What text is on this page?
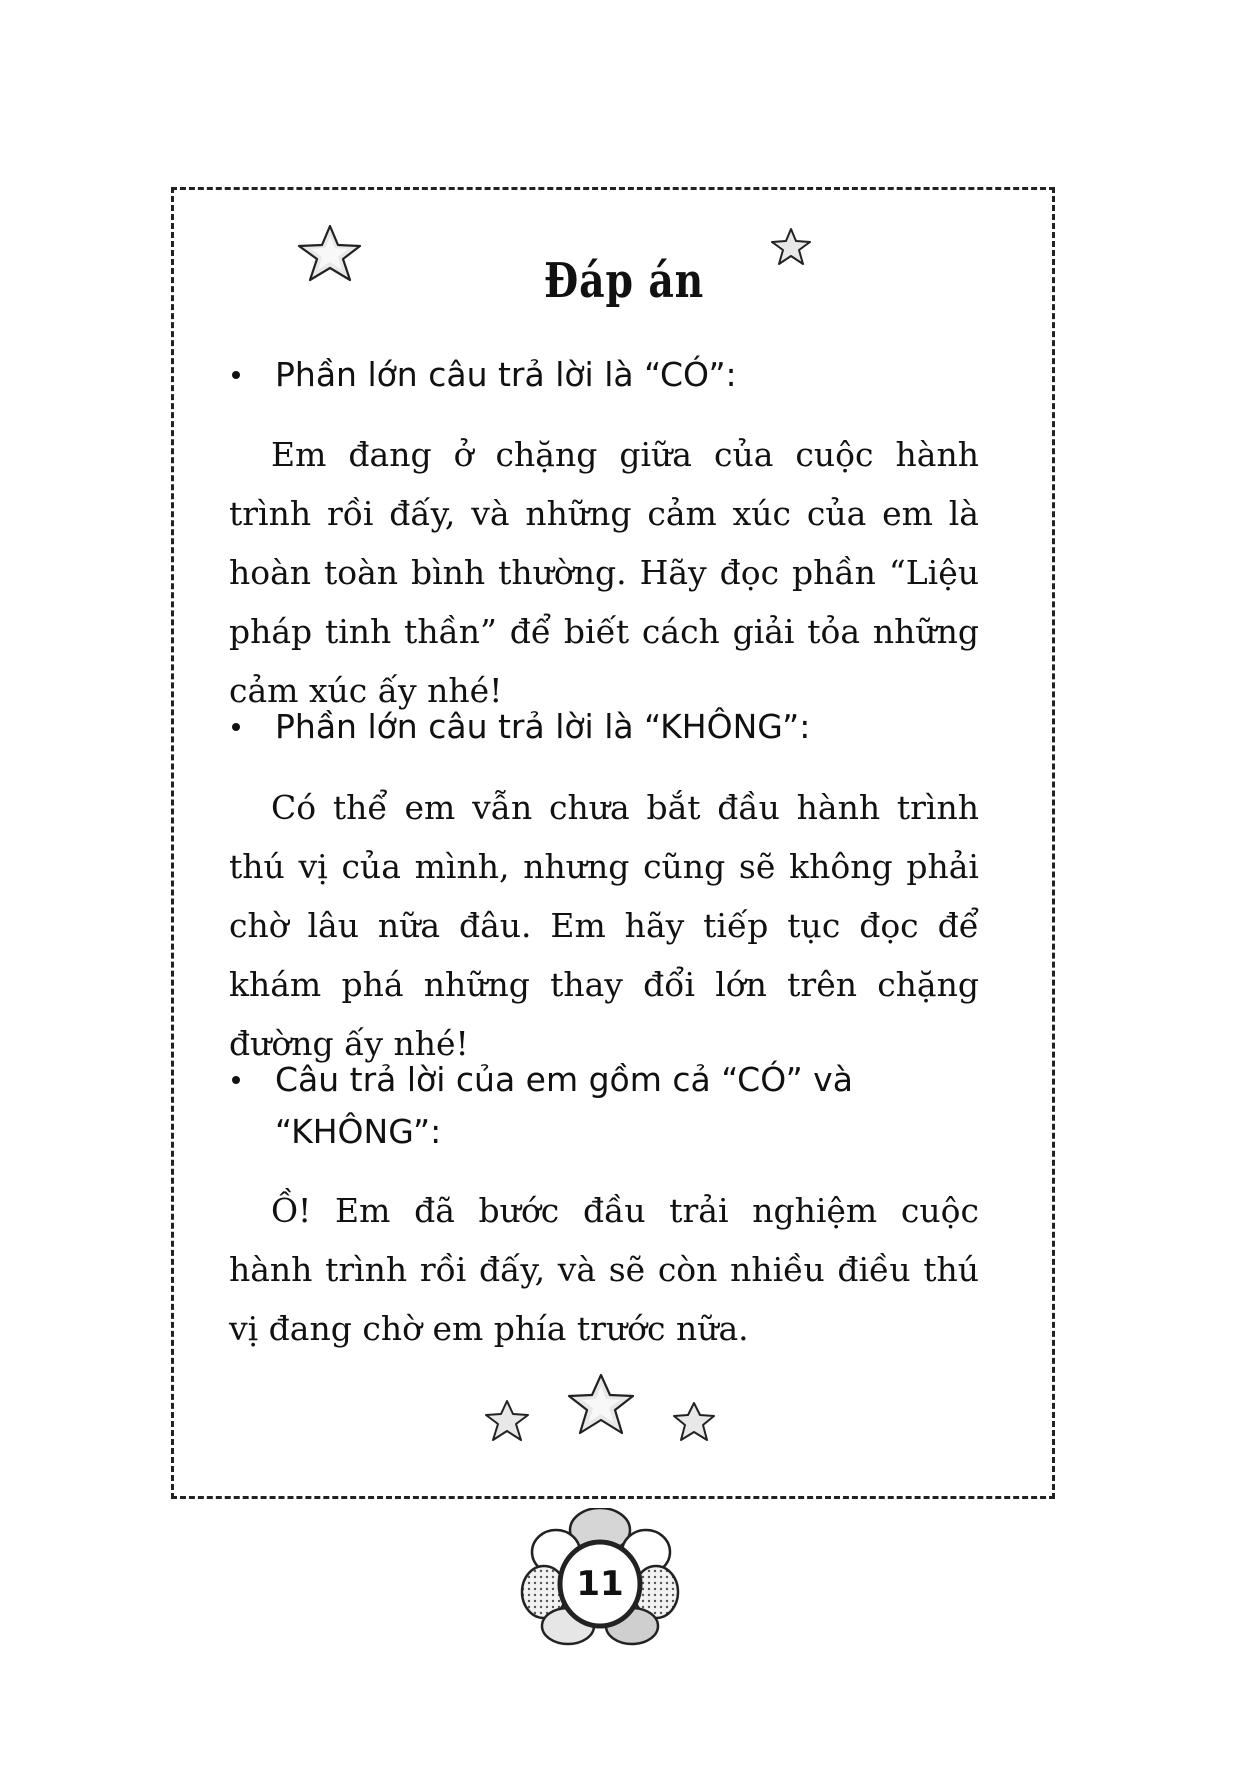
Đáp án
Phần lớn câu trả lời là “CÓ”:

Em đang ở chặng giữa của cuộc hành trình rồi đấy, và những cảm xúc của em là hoàn toàn bình thường. Hãy đọc phần “Liệu pháp tinh thần” để biết cách giải tỏa những cảm xúc ấy nhé!

Phần lớn câu trả lời là “KHÔNG”:

Có thể em vẫn chưa bắt đầu hành trình thú vị của mình, nhưng cũng sẽ không phải chờ lâu nữa đâu. Em hãy tiếp tục đọc để khám phá những thay đổi lớn trên chặng đường ấy nhé!

Câu trả lời của em gồm cả “CÓ” và “KHÔNG”:

Ồ! Em đã bước đầu trải nghiệm cuộc hành trình rồi đấy, và sẽ còn nhiều điều thú vị đang chờ em phía trước nữa.

11
